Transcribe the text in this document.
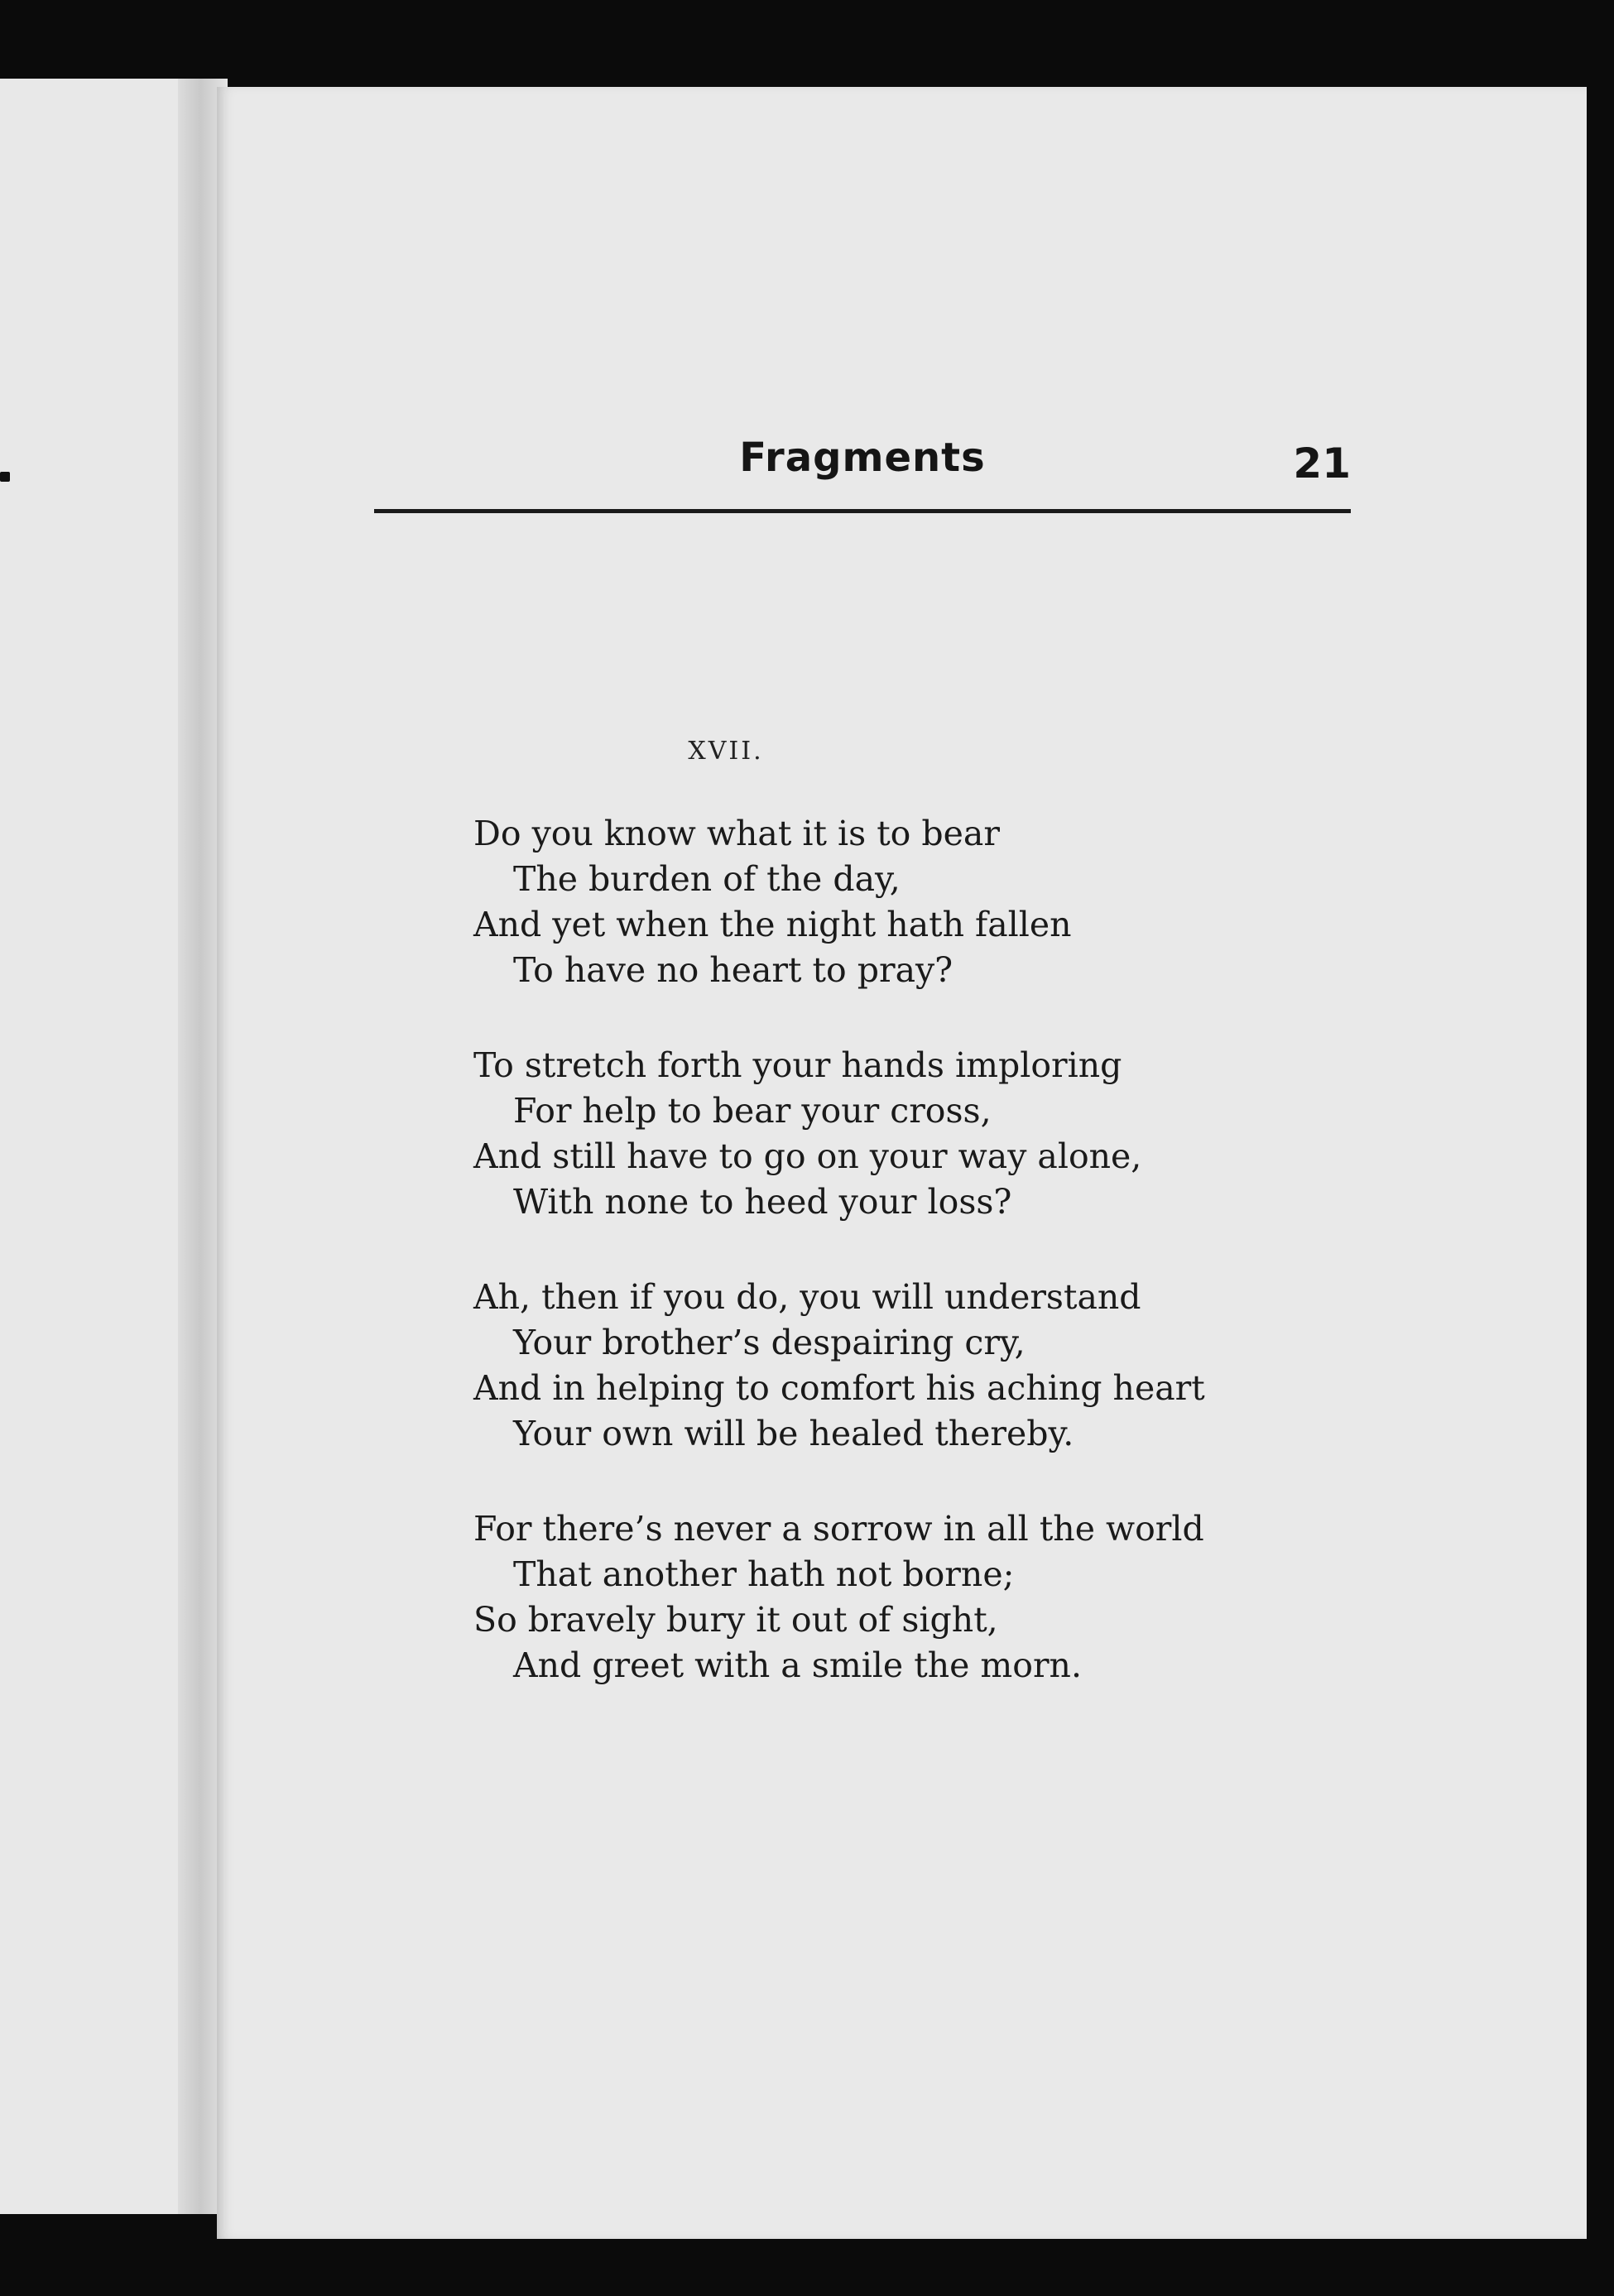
Fragments	21
XVII.
Do you know what it is to bear
The burden of the day,
And yet when the night hath fallen
To have no heart to pray?
To stretch forth your hands imploring
For help to bear your cross,
And still have to go on your way alone,
With none to heed your loss?
Ah, then if you do, you will understand
Your brother’s despairing cry,
And in helping to comfort his aching heart
Your own will be healed thereby.
For there’s never a sorrow in all the world
That another hath not borne;
So bravely bury it out of sight,
And greet with a smile the morn.
